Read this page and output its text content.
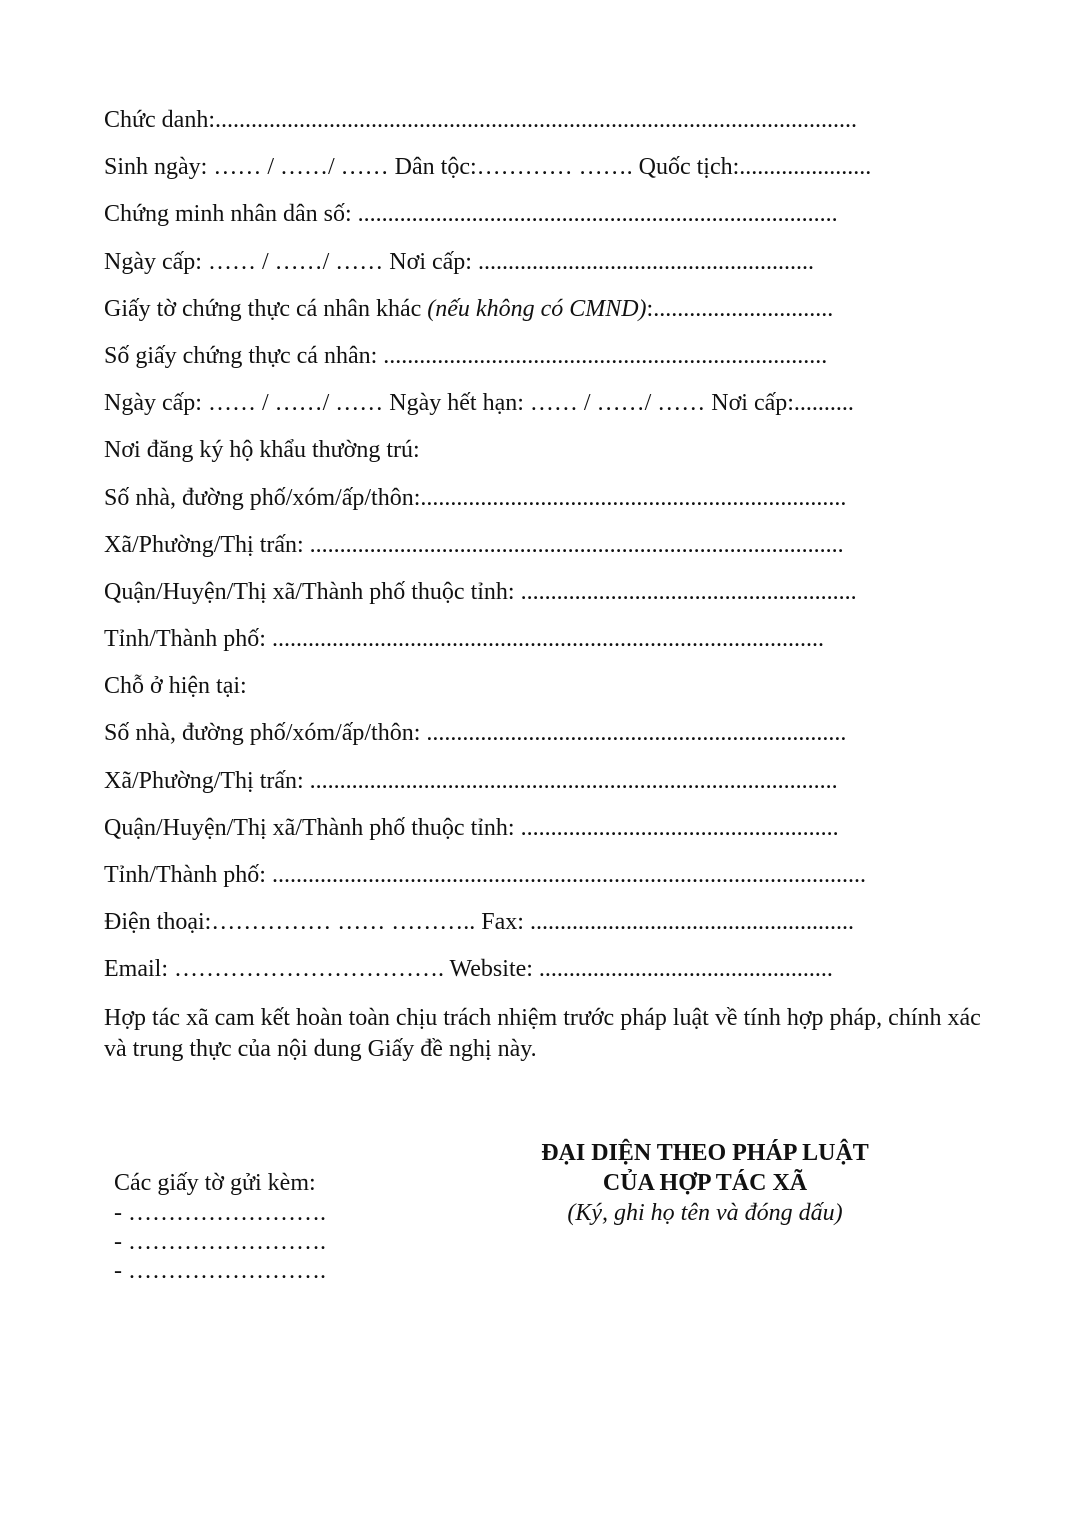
Chức danh:...........................................................................................................
Sinh ngày: …… / ……/ …… Dân tộc:………… ……. Quốc tịch:......................
Chứng minh nhân dân số: ................................................................................
Ngày cấp: …… / ……/ …… Nơi cấp: ........................................................
Giấy tờ chứng thực cá nhân khác (nếu không có CMND):..............................
Số giấy chứng thực cá nhân: ..........................................................................
Ngày cấp: …… / ……/ …… Ngày hết hạn: …… / ……/ …… Nơi cấp:..........
Nơi đăng ký hộ khẩu thường trú:
Số nhà, đường phố/xóm/ấp/thôn:.......................................................................
Xã/Phường/Thị trấn: .........................................................................................
Quận/Huyện/Thị xã/Thành phố thuộc tỉnh: ........................................................
Tỉnh/Thành phố: ............................................................................................
Chỗ ở hiện tại:
Số nhà, đường phố/xóm/ấp/thôn: ......................................................................
Xã/Phường/Thị trấn: ........................................................................................
Quận/Huyện/Thị xã/Thành phố thuộc tỉnh: .....................................................
Tỉnh/Thành phố: ...................................................................................................
Điện thoại:…………… …… ……….. Fax: ......................................................
Email: ……………………………. Website: .................................................
Hợp tác xã cam kết hoàn toàn chịu trách nhiệm trước pháp luật về tính hợp pháp, chính xác và trung thực của nội dung Giấy đề nghị này.
Các giấy tờ gửi kèm:
- …………………….
- …………………….
- …………………….
ĐẠI DIỆN THEO PHÁP LUẬT
CỦA HỢP TÁC XÃ
(Ký, ghi họ tên và đóng dấu)
